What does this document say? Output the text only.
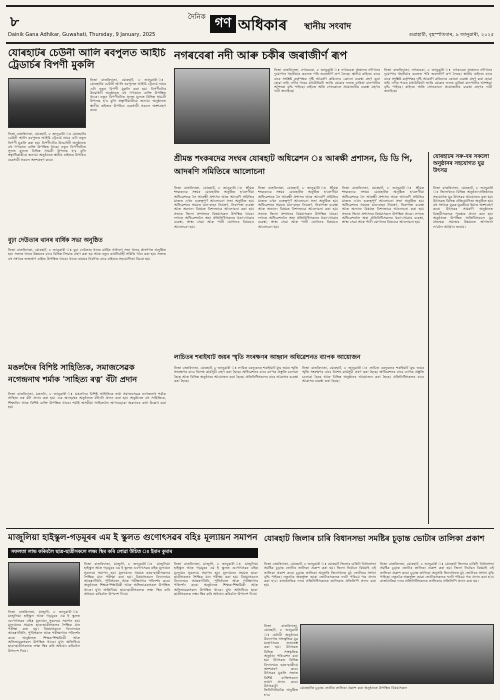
৮
Dainik Gana Adhikar, Guwahati, Thursday, 9 January, 2025
দৈনিক গণ অধিকাৰ	স্থানীয় সংবাদ
গুৱাহাটী, বৃহস্পতিবাৰ, ৯ জানুৱাৰী, ২০২৫
যোৰহাটৰ চেউনী আলি ৰবপুলত আইচি ট্ৰেডাৰ্চৰ বিপণী মুকলি
নিজা বাতৰিদাতা, যোৰহাট, ৮ জানুৱাৰী ঃ যোৰহাটৰ চেউনী আলি ৰবপুলত আইচি ট্ৰেডাৰ্চ নামৰ এটা নতুন বিপণী মুকলি কৰা হয়। বিপণীটোৰ উদ্বোধনী অনুষ্ঠানত বহু গণ্যমান্য ব্যক্তি উপস্থিত থাকে। নতুন বিপণীটোত সুলভ মূল্যত বিভিন্ন সামগ্ৰী উপলব্ধ হ'ব বুলি স্বত্বাধিকাৰীয়ে জনায়। অনুষ্ঠানত স্থানীয় ৰাইজৰ উপৰিও ব্যৱসায়ী সকলে অংশগ্ৰহণ কৰে।
নিজা বাতৰিদাতা, যোৰহাট, ৮ জানুৱাৰী ঃ যোৰহাটৰ চেউনী আলি ৰবপুলত আইচি ট্ৰেডাৰ্চ নামৰ এটা নতুন বিপণী মুকলি কৰা হয়। বিপণীটোৰ উদ্বোধনী অনুষ্ঠানত বহু গণ্যমান্য ব্যক্তি উপস্থিত থাকে। নতুন বিপণীটোত সুলভ মূল্যত বিভিন্ন সামগ্ৰী উপলব্ধ হ'ব বুলি স্বত্বাধিকাৰীয়ে জনায়। অনুষ্ঠানত স্থানীয় ৰাইজৰ উপৰিও ব্যৱসায়ী সকলে অংশগ্ৰহণ কৰে।
বুঢ়া দেউতাৰ থানৰ বাৰ্ষিক সভা অনুষ্ঠিত
নিজা বাতৰিদাতা, যোৰহাট, ৮ জানুৱাৰী ঃ বুঢ়া দেউতাৰ থানৰ বাৰ্ষিক সাধাৰণ সভা থানৰ প্ৰাংগণত অনুষ্ঠিত হয়। সভাত থানৰ উন্নয়নৰ বাবে বিভিন্ন সিদ্ধান্ত গ্ৰহণ কৰা হয় আৰু নতুন কাৰ্যনিৰ্বাহী সমিতি গঠন কৰা হয়। সভাত বহু সংখ্যক ভক্তপ্ৰাণ ৰাইজ উপস্থিত থাকে। থানৰ নামঘৰ নিৰ্মাণৰ বাবে ৰাইজৰ সহযোগিতা বিচৰা হয়।
মঙলদৈৰ বিশিষ্ট সাহিত্যিক, সমাজসেৱক নগেন্দ্ৰনাথ শৰ্মাক 'সাহিত্য ৰত্ন' বঁটা প্ৰদান
নিজা বাতৰিদাতা, মঙলদৈ, ৮ জানুৱাৰী ঃ মঙলদৈৰ বিশিষ্ট সাহিত্যিক তথা সমাজসেৱক নগেন্দ্ৰনাথ শৰ্মাক সাহিত্য ৰত্ন বঁটা প্ৰদান কৰা হয়। এক অনাড়ম্বৰ অনুষ্ঠানত বঁটাটো প্ৰদান কৰা হয়। অনুষ্ঠানত বহু সাহিত্যিক, শিক্ষাবিদ আৰু বিশিষ্ট ব্যক্তি উপস্থিত থাকে। শৰ্মাই অসমীয়া সাহিত্যলৈ আগবঢ়োৱা অৱদানৰ কথা উল্লেখ কৰা হয়।
নগৰবেৰা নদী আৰু চকীৰ জৰাজীৰ্ণ ৰূপ
নিজা বাতৰিদাতা, নগৰবেৰা, ৮ জানুৱাৰী ঃ নগৰবেৰা অঞ্চলৰ নদীখনৰ দুয়োপাৰ খহনীয়াৰ কবলত পৰি জৰাজীৰ্ণ ৰূপ লৈছে। স্থানীয় ৰাইজে বাৰে বাৰে সংশ্লিষ্ট কৰ্তৃপক্ষৰ দৃষ্টি আকৰ্ষণ কৰিলেও কোনো ব্যৱস্থা গ্ৰহণ কৰা হোৱা নাই। নদীৰ পাৰৰ মথাউৰিটো ভাঙি যোৱাৰ ফলত বাৰিষা বানপানীৰ আশংকা বৃদ্ধি পাইছে। ৰাইজে অতি সোনকালে প্ৰয়োজনীয় ব্যৱস্থা গ্ৰহণৰ দাবী জনাইছে।
নিজা বাতৰিদাতা, নগৰবেৰা, ৮ জানুৱাৰী ঃ নগৰবেৰা অঞ্চলৰ নদীখনৰ দুয়োপাৰ খহনীয়াৰ কবলত পৰি জৰাজীৰ্ণ ৰূপ লৈছে। স্থানীয় ৰাইজে বাৰে বাৰে সংশ্লিষ্ট কৰ্তৃপক্ষৰ দৃষ্টি আকৰ্ষণ কৰিলেও কোনো ব্যৱস্থা গ্ৰহণ কৰা হোৱা নাই। নদীৰ পাৰৰ মথাউৰিটো ভাঙি যোৱাৰ ফলত বাৰিষা বানপানীৰ আশংকা বৃদ্ধি পাইছে। ৰাইজে অতি সোনকালে প্ৰয়োজনীয় ব্যৱস্থা গ্ৰহণৰ দাবী জনাইছে।
শ্ৰীমন্ত শংকৰদেৱ সংঘৰ যোৰহাট অধিৱেশন ঃ আৰক্ষী প্ৰশাসন, ডি ডি পি, আদৰণি সমিতিৰে আলোচনা
নিজা বাতৰিদাতা, যোৰহাট, ৮ জানুৱাৰী ঃ শ্ৰীমন্ত শংকৰদেৱ সংঘৰ যোৰহাটত অনুষ্ঠিত হ'বলগীয়া অধিৱেশনক লৈ আৰক্ষী প্ৰশাসন আৰু আদৰণি সমিতিৰ মাজত এখন গুৰুত্বপূৰ্ণ আলোচনা সভা অনুষ্ঠিত হয়। অধিৱেশনৰ সময়ত যান-বাহন নিয়ন্ত্ৰণ, নিৰাপত্তা ব্যৱস্থা আৰু অন্যান্য বিষয়ত বিশদভাৱে আলোচনা কৰা হয়। সভাত জিলা প্ৰশাসনৰ বিষয়াসকল উপস্থিত থাকে। লগতে অধিৱেশনলৈ অহা প্ৰতিনিধিসকলৰ থকা-খোৱাৰ ব্যৱস্থা, স্বাস্থ্য সেৱা আৰু পানী যোগানৰ বিষয়েও আলোচনা হয়।
নিজা বাতৰিদাতা, যোৰহাট, ৮ জানুৱাৰী ঃ শ্ৰীমন্ত শংকৰদেৱ সংঘৰ যোৰহাটত অনুষ্ঠিত হ'বলগীয়া অধিৱেশনক লৈ আৰক্ষী প্ৰশাসন আৰু আদৰণি সমিতিৰ মাজত এখন গুৰুত্বপূৰ্ণ আলোচনা সভা অনুষ্ঠিত হয়। অধিৱেশনৰ সময়ত যান-বাহন নিয়ন্ত্ৰণ, নিৰাপত্তা ব্যৱস্থা আৰু অন্যান্য বিষয়ত বিশদভাৱে আলোচনা কৰা হয়। সভাত জিলা প্ৰশাসনৰ বিষয়াসকল উপস্থিত থাকে। লগতে অধিৱেশনলৈ অহা প্ৰতিনিধিসকলৰ থকা-খোৱাৰ ব্যৱস্থা, স্বাস্থ্য সেৱা আৰু পানী যোগানৰ বিষয়েও আলোচনা হয়।
নিজা বাতৰিদাতা, যোৰহাট, ৮ জানুৱাৰী ঃ শ্ৰীমন্ত শংকৰদেৱ সংঘৰ যোৰহাটত অনুষ্ঠিত হ'বলগীয়া অধিৱেশনক লৈ আৰক্ষী প্ৰশাসন আৰু আদৰণি সমিতিৰ মাজত এখন গুৰুত্বপূৰ্ণ আলোচনা সভা অনুষ্ঠিত হয়। অধিৱেশনৰ সময়ত যান-বাহন নিয়ন্ত্ৰণ, নিৰাপত্তা ব্যৱস্থা আৰু অন্যান্য বিষয়ত বিশদভাৱে আলোচনা কৰা হয়। সভাত জিলা প্ৰশাসনৰ বিষয়াসকল উপস্থিত থাকে। লগতে অধিৱেশনলৈ অহা প্ৰতিনিধিসকলৰ থকা-খোৱাৰ ব্যৱস্থা, স্বাস্থ্য সেৱা আৰু পানী যোগানৰ বিষয়েও আলোচনা হয়।
লাচিতৰ শৰাইঘাট জয়ৰ স্মৃতি সংৰক্ষণৰ আহ্বান অধিৱেশনত ব্যাপক আয়োজন
নিজা বাতৰিদাতা, যোৰহাট, ৮ জানুৱাৰী ঃ লাচিত বৰফুকনৰ শৰাইঘাট যুদ্ধ জয়ৰ স্মৃতি সংৰক্ষণৰ বাবে বিশেষ কাৰ্যসূচী গ্ৰহণ কৰা হৈছে। অধিৱেশনৰ বাবে ব্যাপক প্ৰস্তুতি চলোৱা হৈছে আৰু বিভিন্ন অনুষ্ঠানৰ আয়োজন কৰা হৈছে। প্ৰতিনিধিসকলৰ বাবে আৱাসৰ ব্যৱস্থা কৰা হৈছে।
নিজা বাতৰিদাতা, যোৰহাট, ৮ জানুৱাৰী ঃ লাচিত বৰফুকনৰ শৰাইঘাট যুদ্ধ জয়ৰ স্মৃতি সংৰক্ষণৰ বাবে বিশেষ কাৰ্যসূচী গ্ৰহণ কৰা হৈছে। অধিৱেশনৰ বাবে ব্যাপক প্ৰস্তুতি চলোৱা হৈছে আৰু বিভিন্ন অনুষ্ঠানৰ আয়োজন কৰা হৈছে। প্ৰতিনিধিসকলৰ বাবে আৱাসৰ ব্যৱস্থা কৰা হৈছে।
যোৰহাটৰ সৰু-বৰ সকলো অনুষ্ঠানৰ সহযোগত যুৱ উৎসৱ
নিজা বাতৰিদাতা, যোৰহাট, ৮ জানুৱাৰী ঃ জিলাখনৰ বিভিন্ন অনুষ্ঠান-প্ৰতিষ্ঠানৰ সহযোগত যুৱ উৎসৱৰ আয়োজন কৰা হয়। উৎসৱত বিভিন্ন প্ৰতিযোগিতা অনুষ্ঠিত হয়। বহু সংখ্যক যুৱক-যুৱতীয়ে ইয়াত অংশগ্ৰহণ কৰে। উৎসৱৰ সামৰণি অনুষ্ঠানত বিজয়ীসকলক পুৰস্কাৰ প্ৰদান কৰা হয়। অনুষ্ঠানত উপস্থিত অতিথিসকলে যুৱ প্ৰজন্মক সমাজৰ উন্নয়নত আগভাগ ল'বলৈ আহ্বান জনায়।
মাজুলিয়া হাইস্কুল-গড়মূৰৰ এম ই স্কুলত গুণোৎসৱৰ বহিঃ মূল্যায়ন সমাপন
সফলতা লাভ কৰিবলৈ ছাত্ৰ-ছাত্ৰীসকলে লক্ষ্য স্থিৰ কৰি লোৱা উচিত ঃ ইমান কুমাৰ
নিজা বাতৰিদাতা, মাজুলী, ৮ জানুৱাৰী ঃ মাজুলিয়া হাইস্কুল আৰু গড়মূৰৰ এম ই স্কুলত গুণোৎসৱৰ বহিঃ মূল্যায়ন সুকলমে সমাপন হয়। মূল্যায়নৰ সময়ত ছাত্ৰ-ছাত্ৰীসকলৰ শৈক্ষিক মান পৰীক্ষা কৰা হয়। বিষয়াসকলে বিদ্যালয়ৰ আন্তঃগাঁথনি, পুথিভঁৰাল আৰু পৰীক্ষাগাৰ পৰিদৰ্শন কৰে। অনুষ্ঠানত শিক্ষক-শিক্ষয়িত্ৰী আৰু অভিভাৱকসকল উপস্থিত থাকে। মুখ্য অতিথিয়ে ছাত্ৰ-ছাত্ৰীসকলক লক্ষ্য স্থিৰ কৰি অধ্যয়ন কৰিবলৈ উপদেশ দিয়ে।
নিজা বাতৰিদাতা, মাজুলী, ৮ জানুৱাৰী ঃ মাজুলিয়া হাইস্কুল আৰু গড়মূৰৰ এম ই স্কুলত গুণোৎসৱৰ বহিঃ মূল্যায়ন সুকলমে সমাপন হয়। মূল্যায়নৰ সময়ত ছাত্ৰ-ছাত্ৰীসকলৰ শৈক্ষিক মান পৰীক্ষা কৰা হয়। বিষয়াসকলে বিদ্যালয়ৰ আন্তঃগাঁথনি, পুথিভঁৰাল আৰু পৰীক্ষাগাৰ পৰিদৰ্শন কৰে। অনুষ্ঠানত শিক্ষক-শিক্ষয়িত্ৰী আৰু অভিভাৱকসকল উপস্থিত থাকে। মুখ্য অতিথিয়ে ছাত্ৰ-ছাত্ৰীসকলক লক্ষ্য স্থিৰ কৰি অধ্যয়ন কৰিবলৈ উপদেশ দিয়ে।
নিজা বাতৰিদাতা, মাজুলী, ৮ জানুৱাৰী ঃ মাজুলিয়া হাইস্কুল আৰু গড়মূৰৰ এম ই স্কুলত গুণোৎসৱৰ বহিঃ মূল্যায়ন সুকলমে সমাপন হয়। মূল্যায়নৰ সময়ত ছাত্ৰ-ছাত্ৰীসকলৰ শৈক্ষিক মান পৰীক্ষা কৰা হয়। বিষয়াসকলে বিদ্যালয়ৰ আন্তঃগাঁথনি, পুথিভঁৰাল আৰু পৰীক্ষাগাৰ পৰিদৰ্শন কৰে। অনুষ্ঠানত শিক্ষক-শিক্ষয়িত্ৰী আৰু অভিভাৱকসকল উপস্থিত থাকে। মুখ্য অতিথিয়ে ছাত্ৰ-ছাত্ৰীসকলক লক্ষ্য স্থিৰ কৰি অধ্যয়ন কৰিবলৈ উপদেশ দিয়ে।
যোৰহাট জিলাৰ চাৰি বিধানসভা সমষ্টিৰ চূড়ান্ত ভোটাৰ তালিকা প্ৰকাশ
নিজা বাতৰিদাতা, যোৰহাট, ৮ জানুৱাৰী ঃ যোৰহাট জিলাৰ চাৰিটা বিধানসভা সমষ্টিৰ চূড়ান্ত ভোটাৰ তালিকা প্ৰকাশ কৰা হয়। জিলা নিৰ্বাচন বিষয়াই এই তালিকা প্ৰকাশ কৰে। চূড়ান্ত তালিকা অনুসৰি জিলাখনত মুঠ ভোটাৰৰ সংখ্যা বৃদ্ধি পাইছে। নতুনকৈ অন্তৰ্ভুক্ত হোৱা ভোটাৰসকলক ফটো পৰিচয় পত্ৰ প্ৰদান কৰা হ'ব। ৰাজনৈতিক দলৰ প্ৰতিনিধিসকলক তালিকাৰ প্ৰতিলিপি প্ৰদান কৰা হয়।
নিজা বাতৰিদাতা, যোৰহাট, ৮ জানুৱাৰী ঃ যোৰহাট জিলাৰ চাৰিটা বিধানসভা সমষ্টিৰ চূড়ান্ত ভোটাৰ তালিকা প্ৰকাশ কৰা হয়। জিলা নিৰ্বাচন বিষয়াই এই তালিকা প্ৰকাশ কৰে। চূড়ান্ত তালিকা অনুসৰি জিলাখনত মুঠ ভোটাৰৰ সংখ্যা বৃদ্ধি পাইছে। নতুনকৈ অন্তৰ্ভুক্ত হোৱা ভোটাৰসকলক ফটো পৰিচয় পত্ৰ প্ৰদান কৰা হ'ব। ৰাজনৈতিক দলৰ প্ৰতিনিধিসকলক তালিকাৰ প্ৰতিলিপি প্ৰদান কৰা হয়।
যোৰহাটত চূড়ান্ত ভোটাৰ তালিকা প্ৰকাশ কৰা অনুষ্ঠানত উপস্থিত বিষয়াসকল
নিজা বাতৰিদাতা, যোৰহাট, ৮ জানুৱাৰী ঃ মেধাবী অনুষ্ঠানৰ উদ্যোগত সাংস্কৃতিক যুৱ মহোৎসৱৰ শুভাৰম্ভ কৰা হয়। উৎসৱত বিভিন্ন সাংস্কৃতিক অনুষ্ঠান পৰিৱেশন কৰা হয়। উৎসৱত বিভিন্ন বিদ্যালয়ৰ ছাত্ৰ-ছাত্ৰীয়ে অংশগ্ৰহণ কৰে। উৎসৱৰ মুকলি সভাত বিশিষ্ট ব্যক্তিসকলে ভাষণ প্ৰদান কৰে। উৎসৱটো তিনিদিনীয়াকৈ অনুষ্ঠিত হ'ব।
